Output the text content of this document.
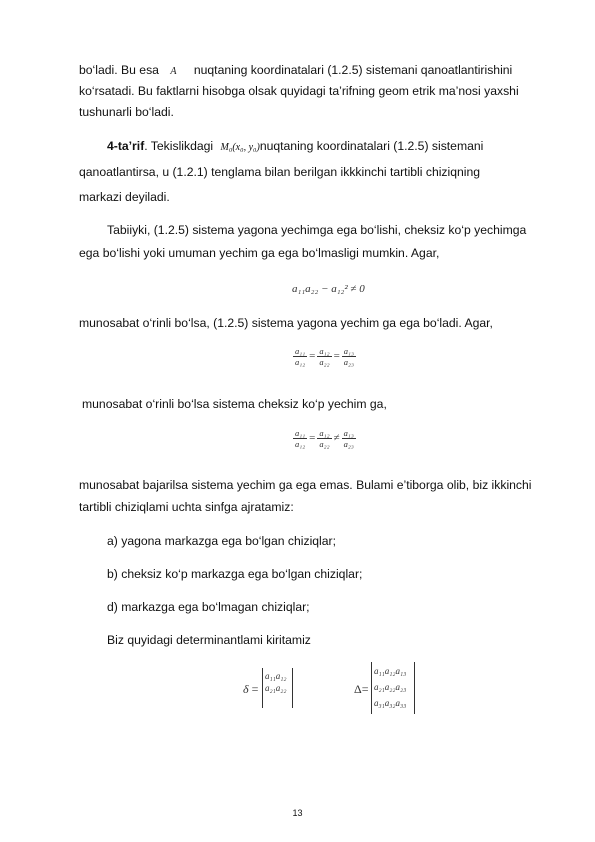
bo‘ladi. Bu esa A nuqtaning koordinatalari (1.2.5) sistemani qanoatlantirishini
ko‘rsatadi. Bu faktlarni hisobga olsak quyidagi ta’rifning geom etrik ma’nosi yaxshi
tushunarli bo‘ladi.
4-ta’rif. Tekislikdagi M₀(x₀, y₀)nuqtaning koordinatalari (1.2.5) sistemani
qanoatlantirsa, u (1.2.1) tenglama bilan berilgan ikkkinchi tartibli chiziqning
markazi deyiladi.
Tabiiyki, (1.2.5) sistema yagona yechimga ega bo‘lishi, cheksiz ko‘p yechimga
ega bo‘lishi yoki umuman yechim ga ega bo‘lmasligi mumkin. Agar,
a₁₁a₂₂ − a₁₂² ≠ 0
munosabat o‘rinli bo‘lsa, (1.2.5) sistema yagona yechim ga ega bo‘ladi. Agar,
$\frac{\text{a₁₁}}{\text{a₁₂}} = \frac{\text{a₁₂}}{\text{a₂₂}} = \frac{\text{a₁₃}}{\text{a₂₃}}$
munosabat o‘rinli bo‘lsa sistema cheksiz ko‘p yechim ga,
$\frac{\text{a₁₁}}{\text{a₁₂}} = \frac{\text{a₁₂}}{\text{a₂₂}} \ne \frac{\text{a₁₃}}{\text{a₂₃}}$
munosabat bajarilsa sistema yechim ga ega emas. Bulami e’tiborga olib, biz ikkinchi
tartibli chiziqlami uchta sinfga ajratamiz:
a) yagona markazga ega bo‘lgan chiziqlar;
b) cheksiz ko‘p markazga ega bo‘lgan chiziqlar;
d) markazga ega bo‘lmagan chiziqlar;
Biz quyidagi determinantlami kiritamiz
δ =
a₁₁a₁₂
a₂₁a₂₂	Δ=
a₁₁a₁₂a₁₃
a₂₁a₂₂a₂₃
a₃₁a₃₂a₃₃
13
